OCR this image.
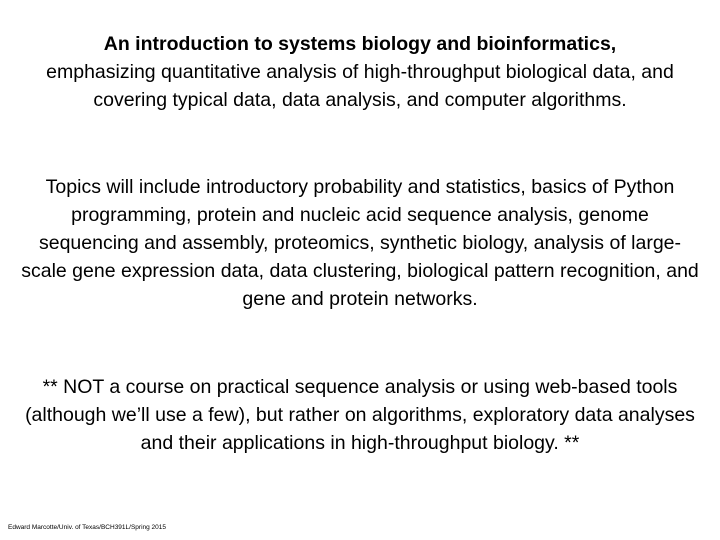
An introduction to systems biology and bioinformatics,
emphasizing quantitative analysis of high-throughput biological data, and covering typical data, data analysis, and computer algorithms.

Topics will include introductory probability and statistics, basics of Python programming, protein and nucleic acid sequence analysis, genome sequencing and assembly, proteomics, synthetic biology, analysis of large-scale gene expression data, data clustering, biological pattern recognition, and gene and protein networks.

** NOT a course on practical sequence analysis or using web-based tools (although we’ll use a few), but rather on algorithms, exploratory data analyses and their applications in high-throughput biology. **

Edward Marcotte/Univ. of Texas/BCH391L/Spring 2015
